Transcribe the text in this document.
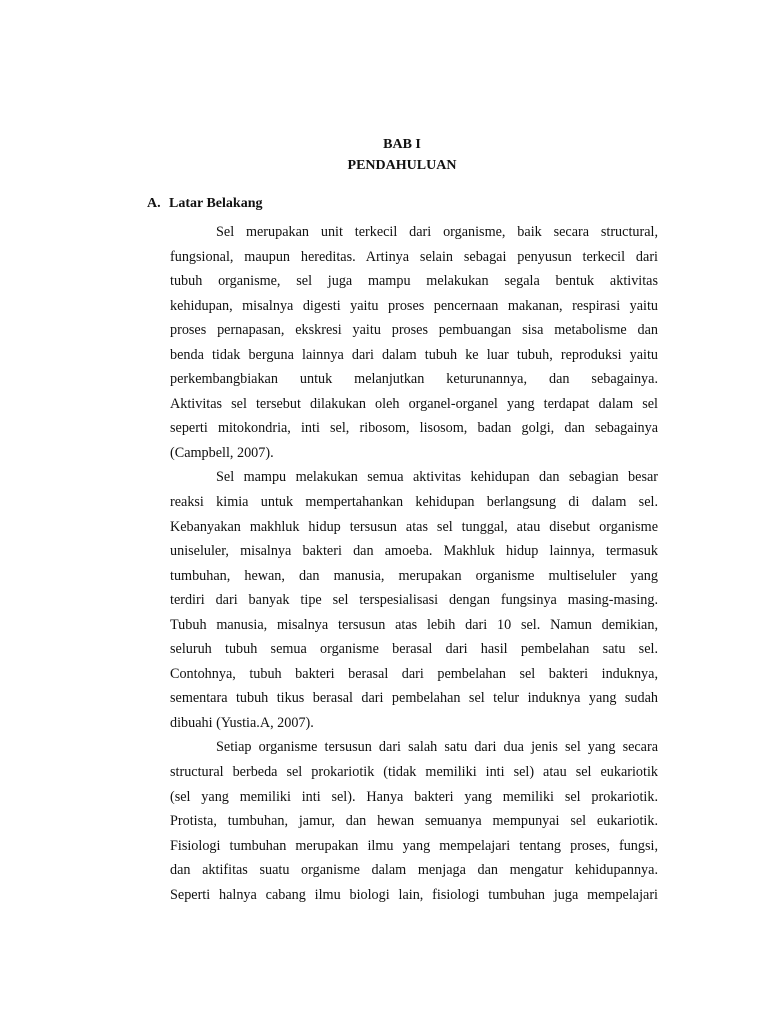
BAB I
PENDAHULUAN
A. Latar Belakang

Sel merupakan unit terkecil dari organisme, baik secara structural,

fungsional, maupun hereditas. Artinya selain sebagai penyusun terkecil dari

tubuh organisme, sel juga mampu melakukan segala bentuk aktivitas

kehidupan, misalnya digesti yaitu proses pencernaan makanan, respirasi yaitu

proses pernapasan, ekskresi yaitu proses pembuangan sisa metabolisme dan

benda tidak berguna lainnya dari dalam tubuh ke luar tubuh, reproduksi yaitu

perkembangbiakan untuk melanjutkan keturunannya, dan sebagainya.

Aktivitas sel tersebut dilakukan oleh organel-organel yang terdapat dalam sel

seperti mitokondria, inti sel, ribosom, lisosom, badan golgi, dan sebagainya

(Campbell, 2007).

Sel mampu melakukan semua aktivitas kehidupan dan sebagian besar

reaksi kimia untuk mempertahankan kehidupan berlangsung di dalam sel.

Kebanyakan makhluk hidup tersusun atas sel tunggal, atau disebut organisme

uniseluler, misalnya bakteri dan amoeba. Makhluk hidup lainnya, termasuk

tumbuhan, hewan, dan manusia, merupakan organisme multiseluler yang

terdiri dari banyak tipe sel terspesialisasi dengan fungsinya masing-masing.

Tubuh manusia, misalnya tersusun atas lebih dari 10 sel. Namun demikian,

seluruh tubuh semua organisme berasal dari hasil pembelahan satu sel.

Contohnya, tubuh bakteri berasal dari pembelahan sel bakteri induknya,

sementara tubuh tikus berasal dari pembelahan sel telur induknya yang sudah

dibuahi (Yustia.A, 2007).

Setiap organisme tersusun dari salah satu dari dua jenis sel yang secara

structural berbeda sel prokariotik (tidak memiliki inti sel) atau sel eukariotik

(sel yang memiliki inti sel). Hanya bakteri yang memiliki sel prokariotik.

Protista, tumbuhan, jamur, dan hewan semuanya mempunyai sel eukariotik.

Fisiologi tumbuhan merupakan ilmu yang mempelajari tentang proses, fungsi,

dan aktifitas suatu organisme dalam menjaga dan mengatur kehidupannya.

Seperti halnya cabang ilmu biologi lain, fisiologi tumbuhan juga mempelajari
